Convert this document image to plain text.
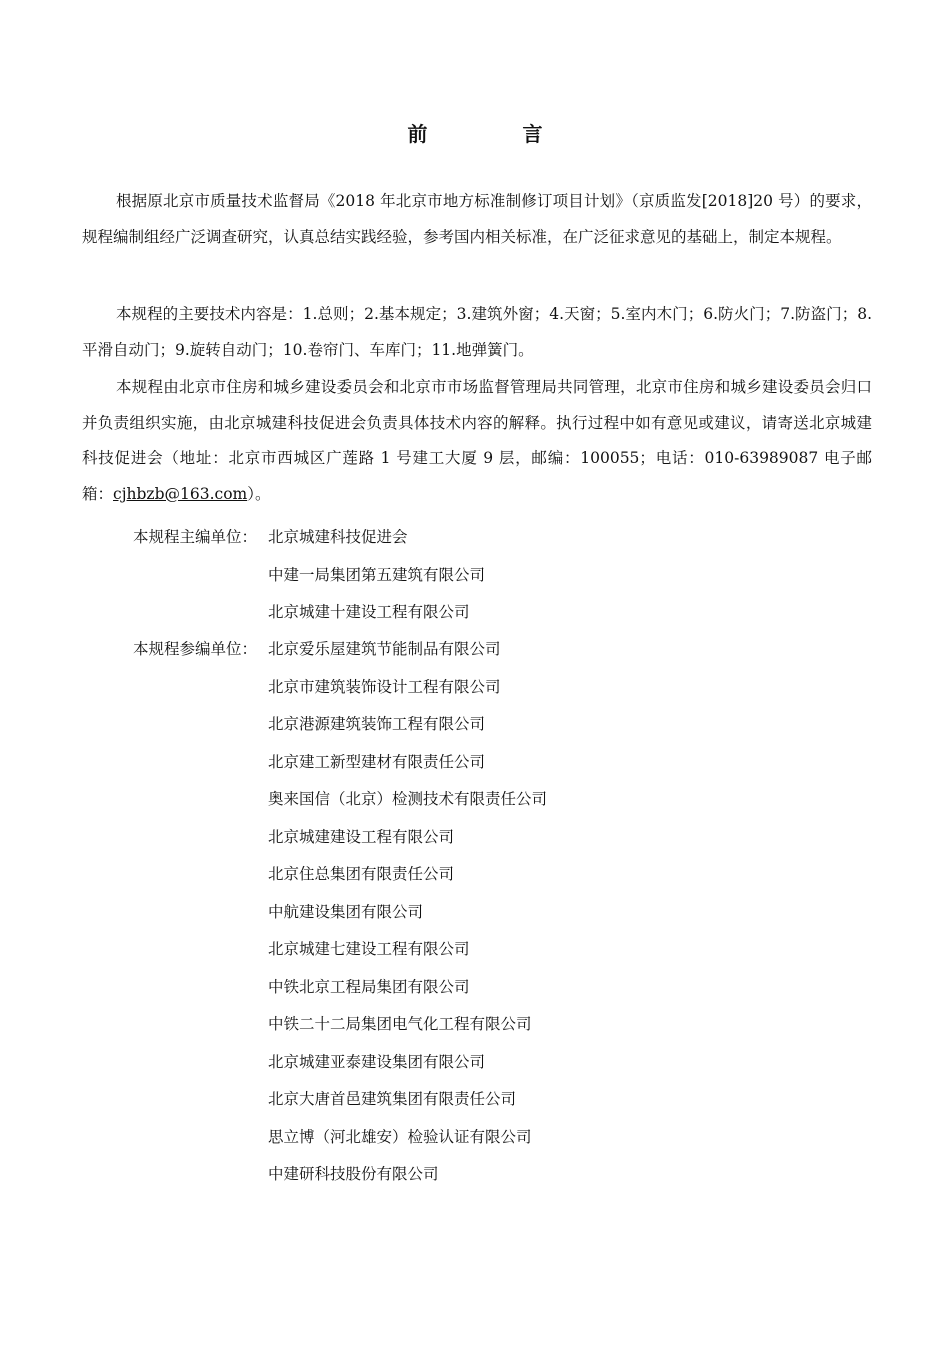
前 言

根据原北京市质量技术监督局《2018 年北京市地方标准制修订项目计划》（京质监发[2018]20 号）的要求，规程编制组经广泛调查研究，认真总结实践经验，参考国内相关标准，在广泛征求意见的基础上，制定本规程。

本规程的主要技术内容是：1.总则；2.基本规定；3.建筑外窗；4.天窗；5.室内木门；6.防火门；7.防盗门；8.平滑自动门；9.旋转自动门；10.卷帘门、车库门；11.地弹簧门。

本规程由北京市住房和城乡建设委员会和北京市市场监督管理局共同管理，北京市住房和城乡建设委员会归口并负责组织实施，由北京城建科技促进会负责具体技术内容的解释。执行过程中如有意见或建议，请寄送北京城建科技促进会（地址：北京市西城区广莲路 1 号建工大厦 9 层，邮编：100055；电话：010-63989087 电子邮箱：cjhbzb@163.com）。

本规程主编单位： 北京城建科技促进会
中建一局集团第五建筑有限公司
北京城建十建设工程有限公司
本规程参编单位： 北京爱乐屋建筑节能制品有限公司
北京市建筑装饰设计工程有限公司
北京港源建筑装饰工程有限公司
北京建工新型建材有限责任公司
奥来国信（北京）检测技术有限责任公司
北京城建建设工程有限公司
北京住总集团有限责任公司
中航建设集团有限公司
北京城建七建设工程有限公司
中铁北京工程局集团有限公司
中铁二十二局集团电气化工程有限公司
北京城建亚泰建设集团有限公司
北京大唐首邑建筑集团有限责任公司
思立博（河北雄安）检验认证有限公司
中建研科技股份有限公司
